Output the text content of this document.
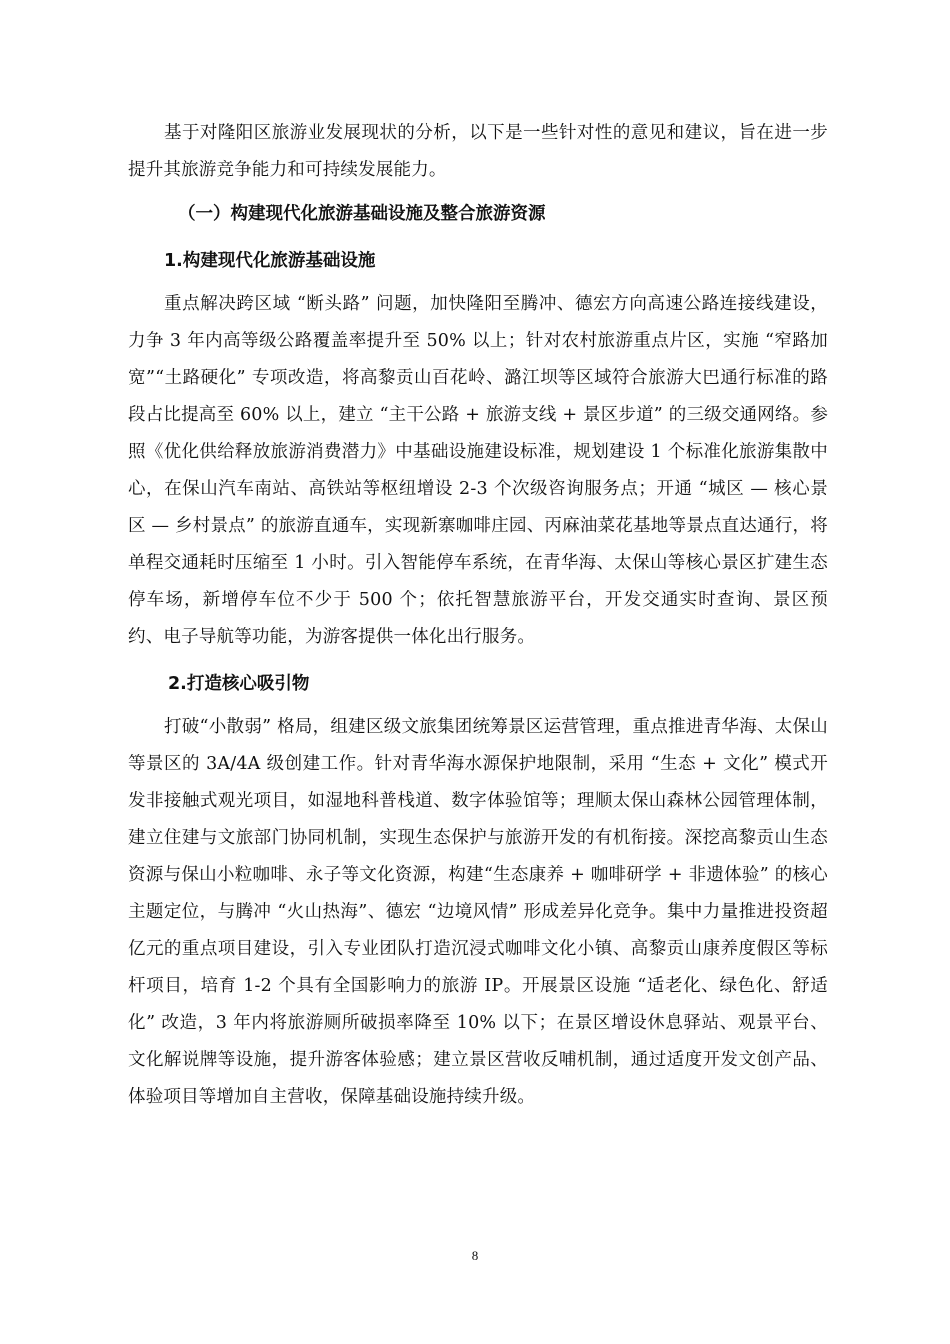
基于对隆阳区旅游业发展现状的分析，以下是一些针对性的意见和建议，旨在进一步提升其旅游竞争能力和可持续发展能力。

（一）构建现代化旅游基础设施及整合旅游资源
1.构建现代化旅游基础设施

重点解决跨区域 “断头路” 问题，加快隆阳至腾冲、德宏方向高速公路连接线建设，力争 3 年内高等级公路覆盖率提升至 50% 以上；针对农村旅游重点片区，实施 “窄路加宽”“土路硬化” 专项改造，将高黎贡山百花岭、潞江坝等区域符合旅游大巴通行标准的路段占比提高至 60% 以上，建立 “主干公路 + 旅游支线 + 景区步道” 的三级交通网络。参照《优化供给释放旅游消费潜力》中基础设施建设标准，规划建设 1 个标准化旅游集散中心，在保山汽车南站、高铁站等枢纽增设 2-3 个次级咨询服务点；开通 “城区 — 核心景区 — 乡村景点” 的旅游直通车，实现新寨咖啡庄园、丙麻油菜花基地等景点直达通行，将单程交通耗时压缩至 1 小时。引入智能停车系统，在青华海、太保山等核心景区扩建生态停车场，新增停车位不少于 500 个；依托智慧旅游平台，开发交通实时查询、景区预约、电子导航等功能，为游客提供一体化出行服务。

2.打造核心吸引物

打破“小散弱” 格局，组建区级文旅集团统筹景区运营管理，重点推进青华海、太保山等景区的 3A/4A 级创建工作。针对青华海水源保护地限制，采用 “生态 + 文化” 模式开发非接触式观光项目，如湿地科普栈道、数字体验馆等；理顺太保山森林公园管理体制，建立住建与文旅部门协同机制，实现生态保护与旅游开发的有机衔接。深挖高黎贡山生态资源与保山小粒咖啡、永子等文化资源，构建“生态康养 + 咖啡研学 + 非遗体验” 的核心主题定位，与腾冲 “火山热海”、德宏 “边境风情” 形成差异化竞争。集中力量推进投资超亿元的重点项目建设，引入专业团队打造沉浸式咖啡文化小镇、高黎贡山康养度假区等标杆项目，培育 1-2 个具有全国影响力的旅游 IP。开展景区设施 “适老化、绿色化、舒适化” 改造，3 年内将旅游厕所破损率降至 10% 以下；在景区增设休息驿站、观景平台、文化解说牌等设施，提升游客体验感；建立景区营收反哺机制，通过适度开发文创产品、体验项目等增加自主营收，保障基础设施持续升级。

8
